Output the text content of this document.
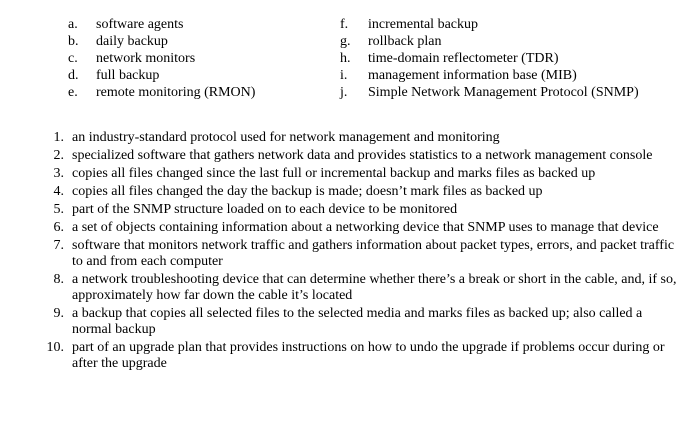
a.	software agents
b.	daily backup
c.	network monitors
d.	full backup
e.	remote monitoring (RMON)
f.	incremental backup
g.	rollback plan
h.	time-domain reflectometer (TDR)
i.	management information base (MIB)
j.	Simple Network Management Protocol (SNMP)
1. an industry-standard protocol used for network management and monitoring
2. specialized software that gathers network data and provides statistics to a network management console
3. copies all files changed since the last full or incremental backup and marks files as backed up
4. copies all files changed the day the backup is made; doesn’t mark files as backed up
5. part of the SNMP structure loaded on to each device to be monitored
6. a set of objects containing information about a networking device that SNMP uses to manage that device
7. software that monitors network traffic and gathers information about packet types, errors, and packet traffic to and from each computer
8. a network troubleshooting device that can determine whether there’s a break or short in the cable, and, if so, approximately how far down the cable it’s located
9. a backup that copies all selected files to the selected media and marks files as backed up; also called a normal backup
10. part of an upgrade plan that provides instructions on how to undo the upgrade if problems occur during or after the upgrade
